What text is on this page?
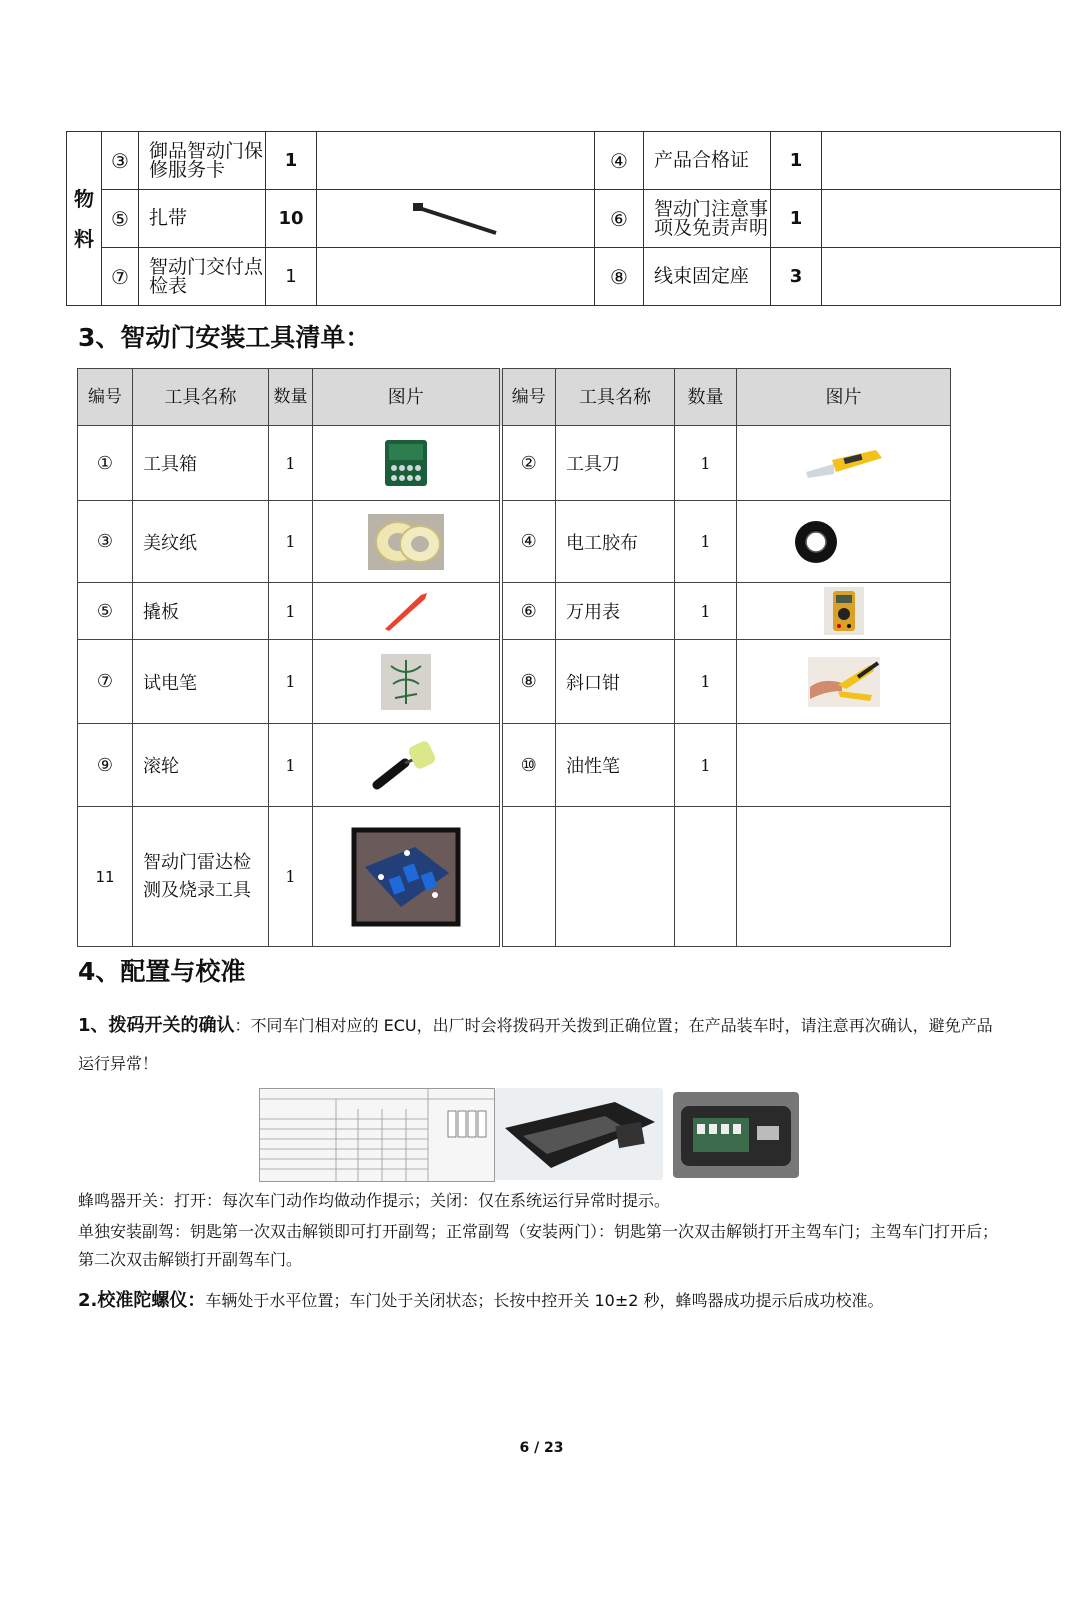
物料	③	御品智动门保修服务卡	1		④	产品合格证	1	
	⑤	扎带	10		⑥	智动门注意事项及免责声明	1	
	⑦	智动门交付点检表	1		⑧	线束固定座	3	
3、智动门安装工具清单：
编号	工具名称	数量	图片	编号	工具名称	数量	图片
①	工具箱	1		②	工具刀	1	

③	美纹纸	1		④	电工胶布	1	

⑤	撬板	1		⑥	万用表	1	

⑦	试电笔	1		⑧	斜口钳	1	

⑨	滚轮	1		⑩	油性笔	1	
11	智动门雷达检测及烧录工具	1	

4、配置与校准
1、拨码开关的确认：不同车门相对应的 ECU，出厂时会将拨码开关拨到正确位置；在产品装车时，请注意再次确认，避免产品运行异常！
蜂鸣器开关：打开：每次车门动作均做动作提示；关闭：仅在系统运行异常时提示。
单独安装副驾：钥匙第一次双击解锁即可打开副驾；正常副驾（安装两门）：钥匙第一次双击解锁打开主驾车门；主驾车门打开后；第二次双击解锁打开副驾车门。
2.校准陀螺仪：车辆处于水平位置；车门处于关闭状态；长按中控开关 10±2 秒，蜂鸣器成功提示后成功校准。
6 / 23
